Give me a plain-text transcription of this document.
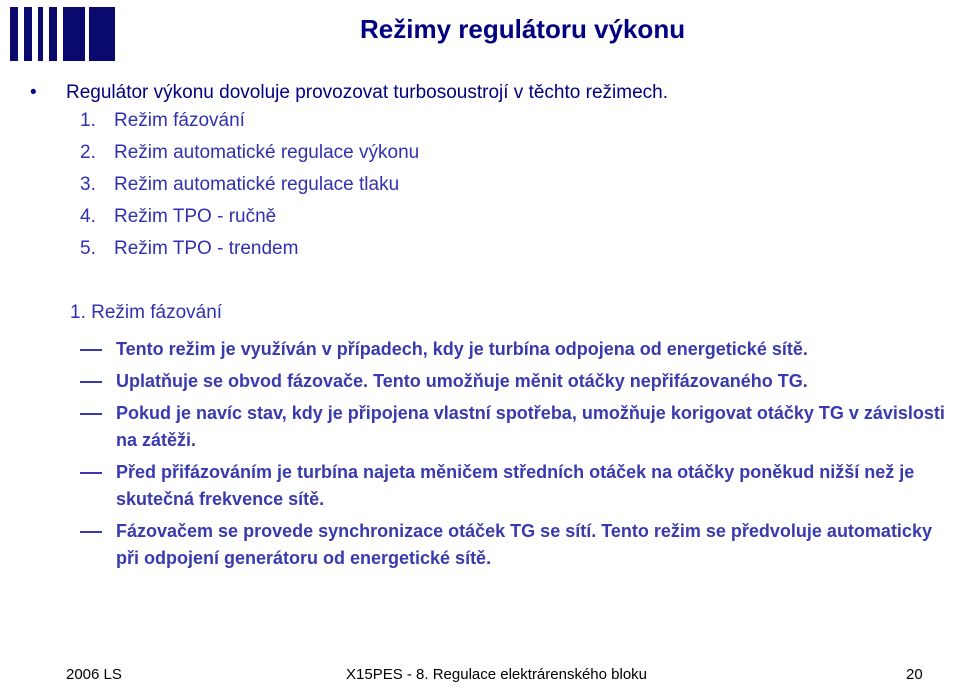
Režimy regulátoru výkonu
• Regulátor výkonu dovoluje provozovat turbosoustrojí v těchto režimech.
1. Režim fázování
2. Režim automatické regulace výkonu
3. Režim automatické regulace tlaku
4. Režim TPO - ručně
5. Režim TPO - trendem
1. Režim fázování
Tento režim je využíván v případech, kdy je turbína odpojena od energetické sítě.
Uplatňuje se obvod fázovače. Tento umožňuje měnit otáčky nepřifázovaného TG.
Pokud je navíc stav, kdy je připojena vlastní spotřeba, umožňuje korigovat otáčky TG v závislosti na zátěži.
Před přifázováním je turbína najeta měničem středních otáček na otáčky poněkud nižší než je skutečná frekvence sítě.
Fázovačem se provede synchronizace otáček TG se sítí. Tento režim se předvoluje automaticky při odpojení generátoru od energetické sítě.
2006 LS	X15PES - 8. Regulace elektrárenského bloku	20
